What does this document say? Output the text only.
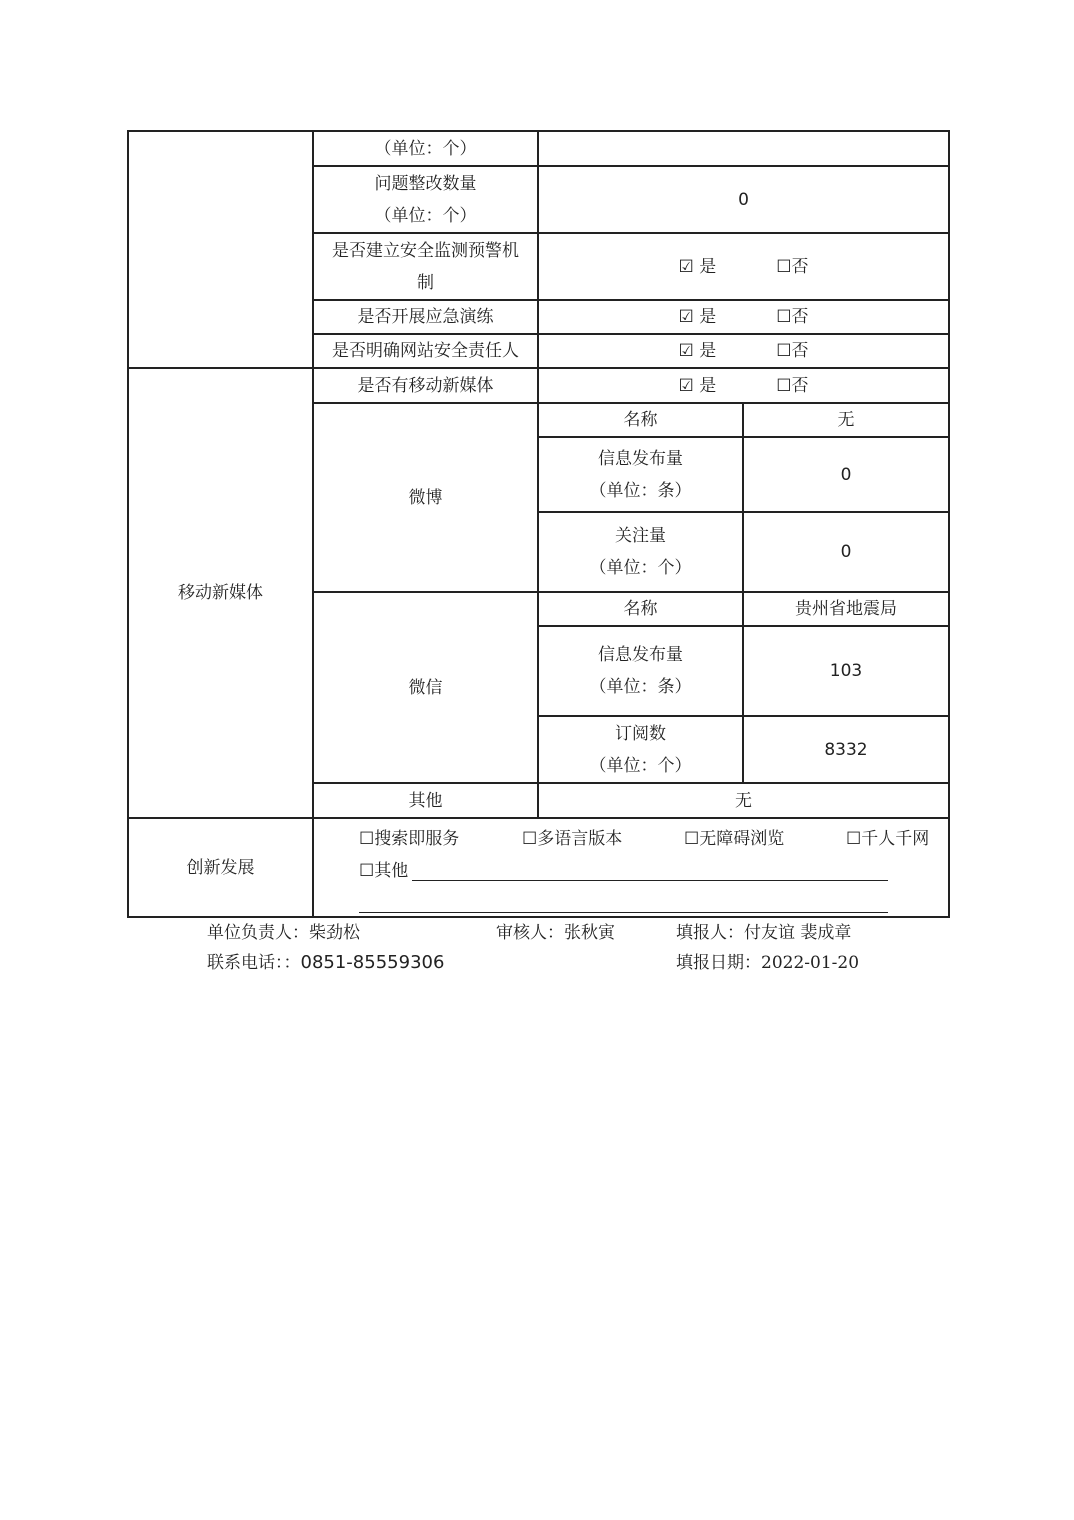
	（单位：个）		

	问题整改数量
（单位：个）	0	

	是否建立安全监测预警机
制	☑ 是 ☐否	
	是否开展应急演练	☑ 是 ☐否	
	是否明确网站安全责任人	☑ 是 ☐否	
移动新媒体	是否有移动新媒体	☑ 是 ☐否	
	微博	名称	无

		信息发布量
（单位：条）	0

		关注量
（单位：个）	0
	微信	名称	贵州省地震局

		信息发布量
（单位：条）	103

		订阅数
（单位：个）	8332
	其他	无	
创新发展	☐搜索即服务 ☐多语言版本 ☐无障碍浏览 ☐千人千网
☐其他		
单位负责人：柴劲松	审核人：张秋寅	填报人：付友谊 裴成章
联系电话：：0851-85559306	填报日期：2022-01-20
